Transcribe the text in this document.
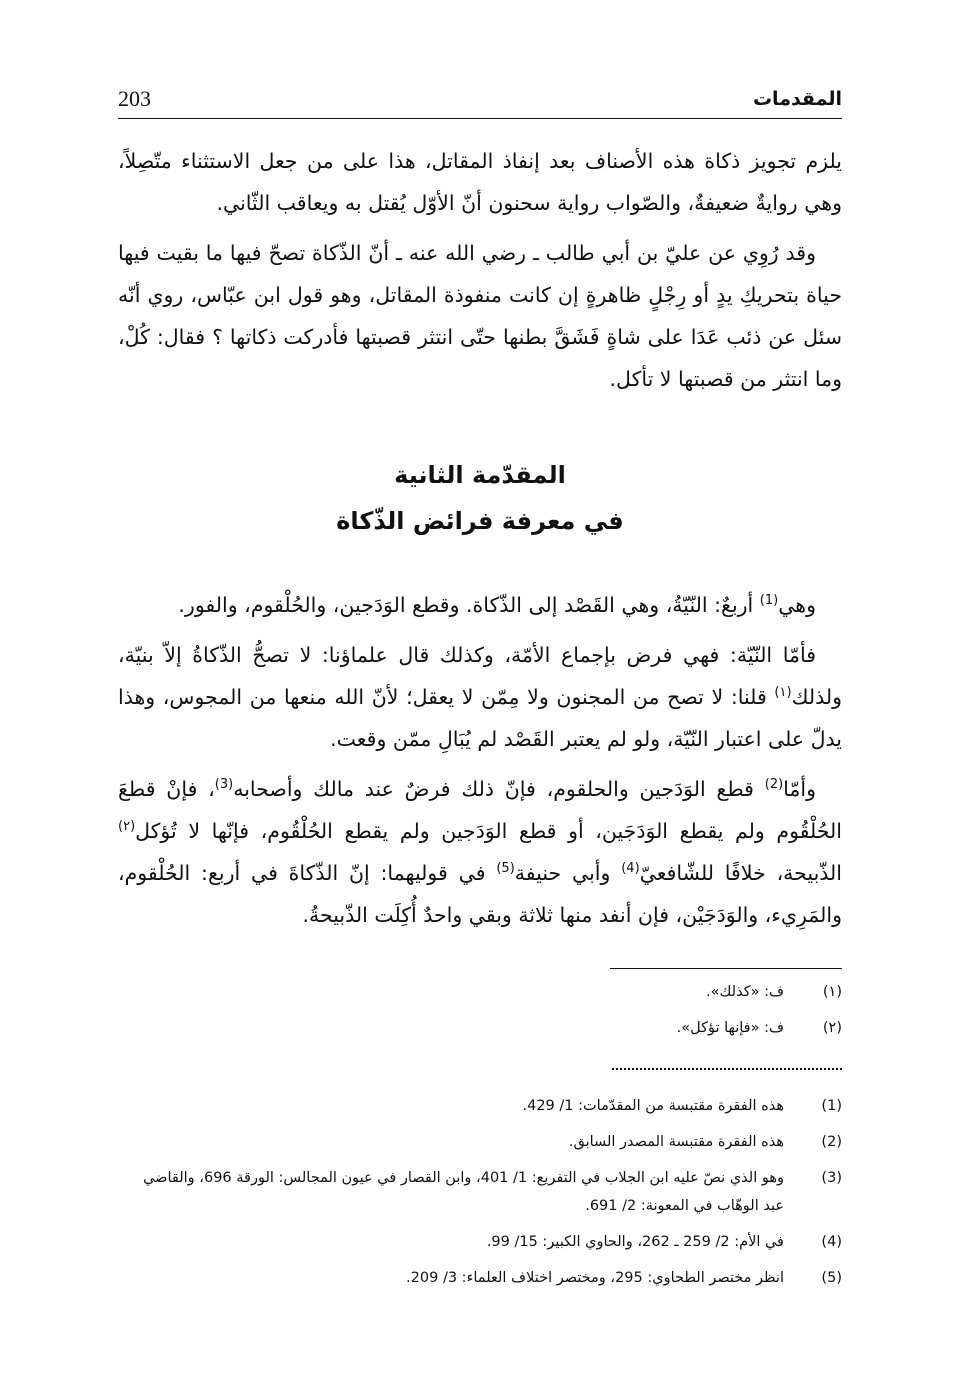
203	المقدمات

يلزم تجويز ذكاة هذه الأصناف بعد إنفاذ المقاتل، هذا على من جعل الاستثناء متّصِلاً، وهي روايةٌ ضعيفةٌ، والصّواب رواية سحنون أنّ الأوّل يُقتل به ويعاقب الثّاني.

وقد رُوِي عن عليّ بن أبي طالب ـ رضي الله عنه ـ أنّ الذّكاة تصحّ فيها ما بقيت فيها حياة بتحريكِ يدٍ أو رِجْلٍ ظاهرةٍ إن كانت منفوذة المقاتل، وهو قول ابن عبّاس، روي أنّه سئل عن ذئب عَدَا على شاةٍ فَشَقَّ بطنها حتّى انتثر قصبتها فأدركت ذكاتها ؟ فقال: كُلْ، وما انتثر من قصبتها لا تأكل.

المقدّمة الثانية
في معرفة فرائض الذّكاة

وهي$^{(1)}$ أربعٌ: النّيّةُ، وهي القَصْد إلى الذّكاة. وقطع الوَدَجين، والحُلْقوم، والفور.

فأمّا النّيّة: فهي فرض بإجماع الأمّة، وكذلك قال علماؤنا: لا تصحُّ الذّكاةُ إلاّ بنيّة، ولذلك$^{(١)}$ قلنا: لا تصح من المجنون ولا مِمّن لا يعقل؛ لأنّ الله منعها من المجوس، وهذا يدلّ على اعتبار النّيّة، ولو لم يعتبر القَصْد لم يُبَالِ ممّن وقعت.

وأمّا$^{(2)}$ قطع الوَدَجين والحلقوم، فإنّ ذلك فرضٌ عند مالك وأصحابه$^{(3)}$، فإنْ قطعَ الحُلْقُوم ولم يقطع الوَدَجَين، أو قطع الوَدَجين ولم يقطع الحُلْقُوم، فإنّها لا تُؤكل$^{(٢)}$ الذّبيحة، خلافًا للشّافعيّ$^{(4)}$ وأبي حنيفة$^{(5)}$ في قوليهما: إنّ الذّكاةَ في أربع: الحُلْقوم، والمَرِيء، والوَدَجَيْن، فإن أنفد منها ثلاثة وبقي واحدٌ أُكِلَت الذّبيحةُ.

(١)
ف: «كذلك».
(٢)
ف: «فإنها تؤكل».
(1)
هذه الفقرة مقتبسة من المقدّمات: 1/ 429.
(2)
هذه الفقرة مقتبسة المصدر السابق.
(3)
وهو الذي نصّ عليه ابن الجلاب في التفريع: 1/ 401، وابن القصار في عيون المجالس: الورقة 696، والقاضي عبد الوهّاب في المعونة: 2/ 691.
(4)
في الأم: 2/ 259 ـ 262، والحاوي الكبير: 15/ 99.
(5)
انظر مختصر الطحاوي: 295، ومختصر اختلاف العلماء: 3/ 209.
